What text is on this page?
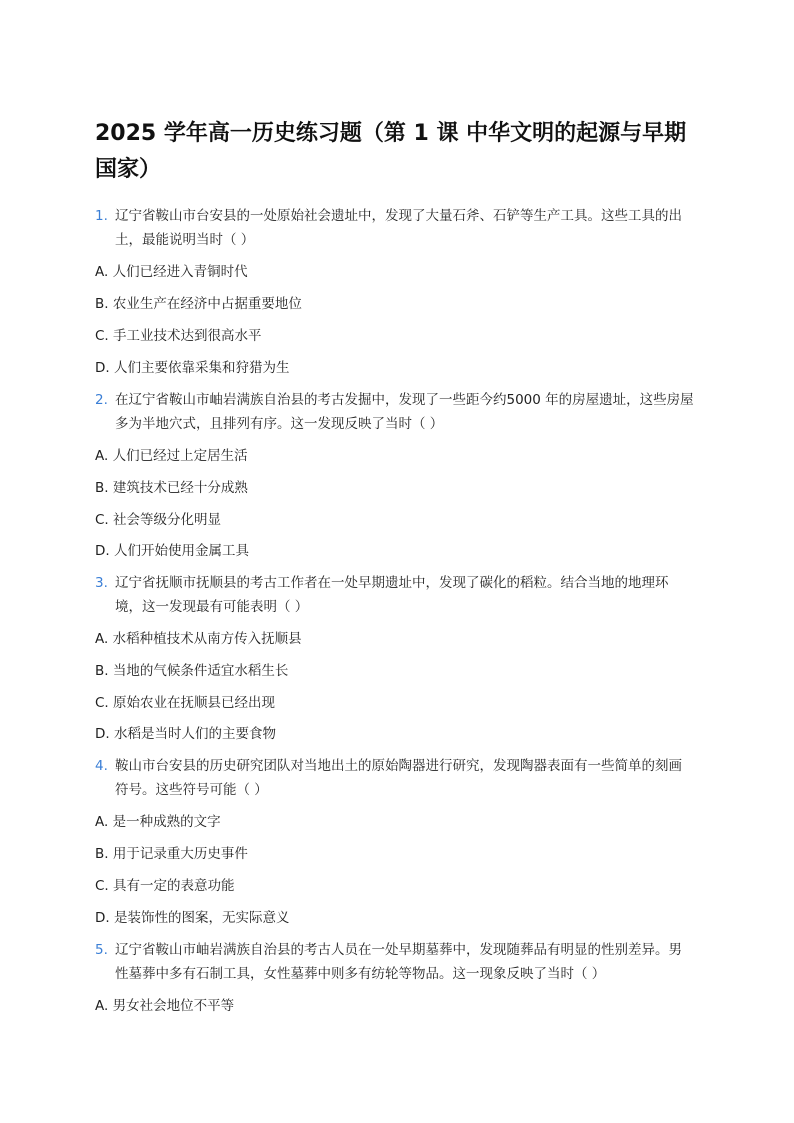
2025 学年高一历史练习题（第 1 课 中华文明的起源与早期国家）
1. 辽宁省鞍山市台安县的一处原始社会遗址中，发现了大量石斧、石铲等生产工具。这些工具的出土，最能说明当时（ ）
A. 人们已经进入青铜时代
B. 农业生产在经济中占据重要地位
C. 手工业技术达到很高水平
D. 人们主要依靠采集和狩猎为生
2. 在辽宁省鞍山市岫岩满族自治县的考古发掘中，发现了一些距今约5000 年的房屋遗址，这些房屋多为半地穴式，且排列有序。这一发现反映了当时（ ）
A. 人们已经过上定居生活
B. 建筑技术已经十分成熟
C. 社会等级分化明显
D. 人们开始使用金属工具
3. 辽宁省抚顺市抚顺县的考古工作者在一处早期遗址中，发现了碳化的稻粒。结合当地的地理环境，这一发现最有可能表明（ ）
A. 水稻种植技术从南方传入抚顺县
B. 当地的气候条件适宜水稻生长
C. 原始农业在抚顺县已经出现
D. 水稻是当时人们的主要食物
4. 鞍山市台安县的历史研究团队对当地出土的原始陶器进行研究，发现陶器表面有一些简单的刻画符号。这些符号可能（ ）
A. 是一种成熟的文字
B. 用于记录重大历史事件
C. 具有一定的表意功能
D. 是装饰性的图案，无实际意义
5. 辽宁省鞍山市岫岩满族自治县的考古人员在一处早期墓葬中，发现随葬品有明显的性别差异。男性墓葬中多有石制工具，女性墓葬中则多有纺轮等物品。这一现象反映了当时（ ）
A. 男女社会地位不平等
